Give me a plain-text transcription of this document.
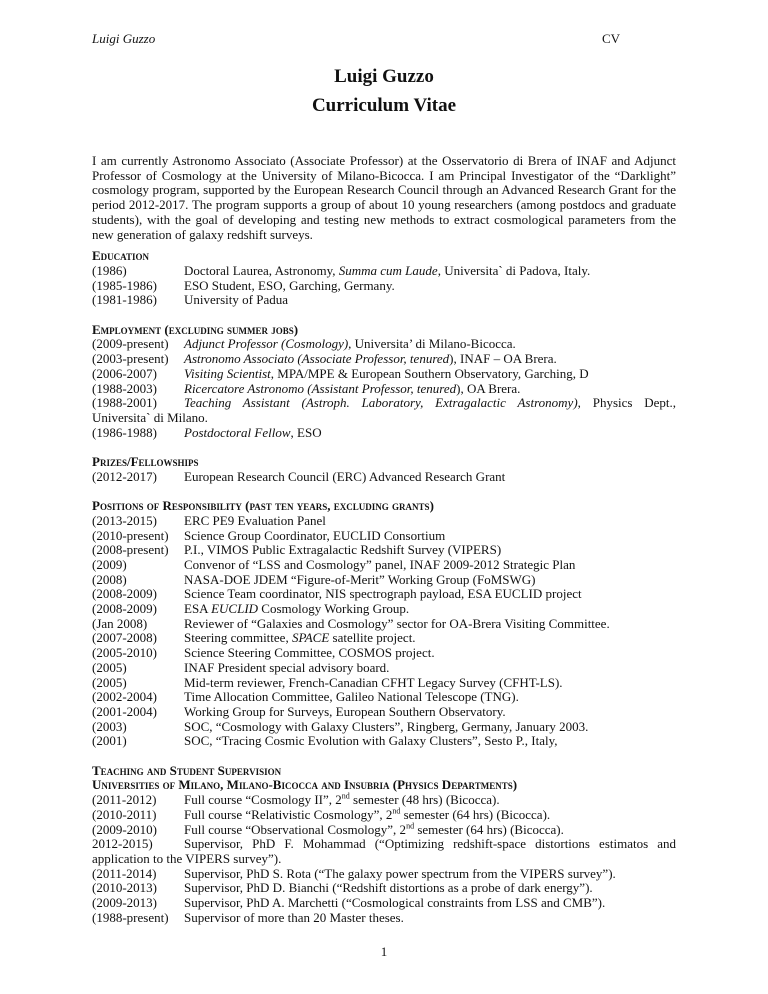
Luigi Guzzo	CV
Luigi Guzzo
Curriculum Vitae

I am currently Astronomo Associato (Associate Professor) at the Osservatorio di Brera of INAF and Adjunct Professor of Cosmology at the University of Milano-Bicocca. I am Principal Investigator of the “Darklight” cosmology program, supported by the European Research Council through an Advanced Research Grant for the period 2012-2017. The program supports a group of about 10 young researchers (among postdocs and graduate students), with the goal of developing and testing new methods to extract cosmological parameters from the new generation of galaxy redshift surveys.

Education
(1986)	Doctoral Laurea, Astronomy, Summa cum Laude, Universita` di Padova, Italy.
(1985-1986) ESO Student, ESO, Garching, Germany.
(1981-1986) University of Padua
Employment (excluding summer jobs)
(2009-present) Adjunct Professor (Cosmology), Universita’ di Milano-Bicocca.
(2003-present) Astronomo Associato (Associate Professor, tenured), INAF – OA Brera.
(2006-2007) Visiting Scientist, MPA/MPE & European Southern Observatory, Garching, D
(1988-2003) Ricercatore Astronomo (Assistant Professor, tenured), OA Brera.
(1988-2001) Teaching Assistant (Astroph. Laboratory, Extragalactic Astronomy), Physics Dept., Universita` di Milano.
(1986-1988) Postdoctoral Fellow, ESO
Prizes/Fellowships
(2012-2017) European Research Council (ERC) Advanced Research Grant
Positions of Responsibility (past ten years, excluding grants)
(2013-2015) ERC PE9 Evaluation Panel
(2010-present) Science Group Coordinator, EUCLID Consortium
(2008-present) P.I., VIMOS Public Extragalactic Redshift Survey (VIPERS)
(2009)	Convenor of “LSS and Cosmology” panel, INAF 2009-2012 Strategic Plan
(2008)	NASA-DOE JDEM “Figure-of-Merit” Working Group (FoMSWG)
(2008-2009) Science Team coordinator, NIS spectrograph payload, ESA EUCLID project
(2008-2009) ESA EUCLID Cosmology Working Group.
(Jan 2008)	Reviewer of “Galaxies and Cosmology” sector for OA-Brera Visiting Committee.
(2007-2008) Steering committee, SPACE satellite project.
(2005-2010) Science Steering Committee, COSMOS project.
(2005)	INAF President special advisory board.
(2005)	Mid-term reviewer, French-Canadian CFHT Legacy Survey (CFHT-LS).
(2002-2004) Time Allocation Committee, Galileo National Telescope (TNG).
(2001-2004) Working Group for Surveys, European Southern Observatory.
(2003)	SOC, “Cosmology with Galaxy Clusters”, Ringberg, Germany, January 2003.
(2001)	SOC, “Tracing Cosmic Evolution with Galaxy Clusters”, Sesto P., Italy,
Teaching and Student Supervision
Universities of Milano, Milano-Bicocca and Insubria (Physics Departments)
(2011-2012) Full course “Cosmology II”, 2nd semester (48 hrs) (Bicocca).
(2010-2011) Full course “Relativistic Cosmology”, 2nd semester (64 hrs) (Bicocca).
(2009-2010) Full course “Observational Cosmology”, 2nd semester (64 hrs) (Bicocca).
2012-2015) Supervisor, PhD F. Mohammad (“Optimizing redshift-space distortions estimatos and application to the VIPERS survey”).
(2011-2014) Supervisor, PhD S. Rota (“The galaxy power spectrum from the VIPERS survey”).
(2010-2013) Supervisor, PhD D. Bianchi (“Redshift distortions as a probe of dark energy”).
(2009-2013) Supervisor, PhD A. Marchetti (“Cosmological constraints from LSS and CMB”).
(1988-present) Supervisor of more than 20 Master theses.
1
